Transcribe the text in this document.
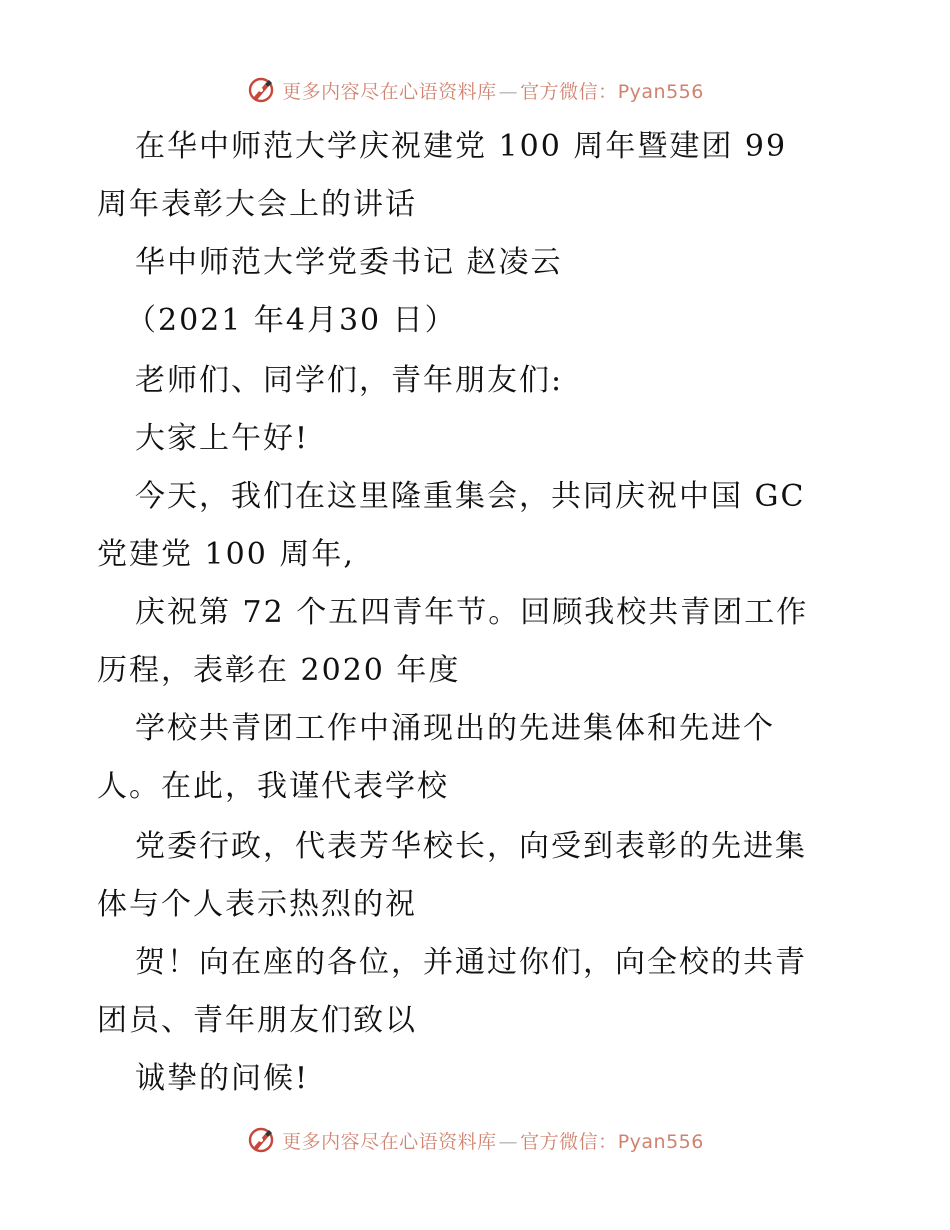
更多内容尽在心语资料库 — 官方微信：Pyan556
在华中师范大学庆祝建党 100 周年暨建团 99
周年表彰大会上的讲话
华中师范大学党委书记 赵凌云
（2021 年4月30 日）
老师们、同学们，青年朋友们:
大家上午好!
今天，我们在这里隆重集会，共同庆祝中国 GC
党建党 100 周年,
庆祝第 72 个五四青年节。回顾我校共青团工作
历程，表彰在 2020 年度
学校共青团工作中涌现出的先进集体和先进个
人。在此，我谨代表学校
党委行政，代表芳华校长，向受到表彰的先进集
体与个人表示热烈的祝
贺！向在座的各位，并通过你们，向全校的共青
团员、青年朋友们致以
诚挚的问候!
更多内容尽在心语资料库 — 官方微信：Pyan556
